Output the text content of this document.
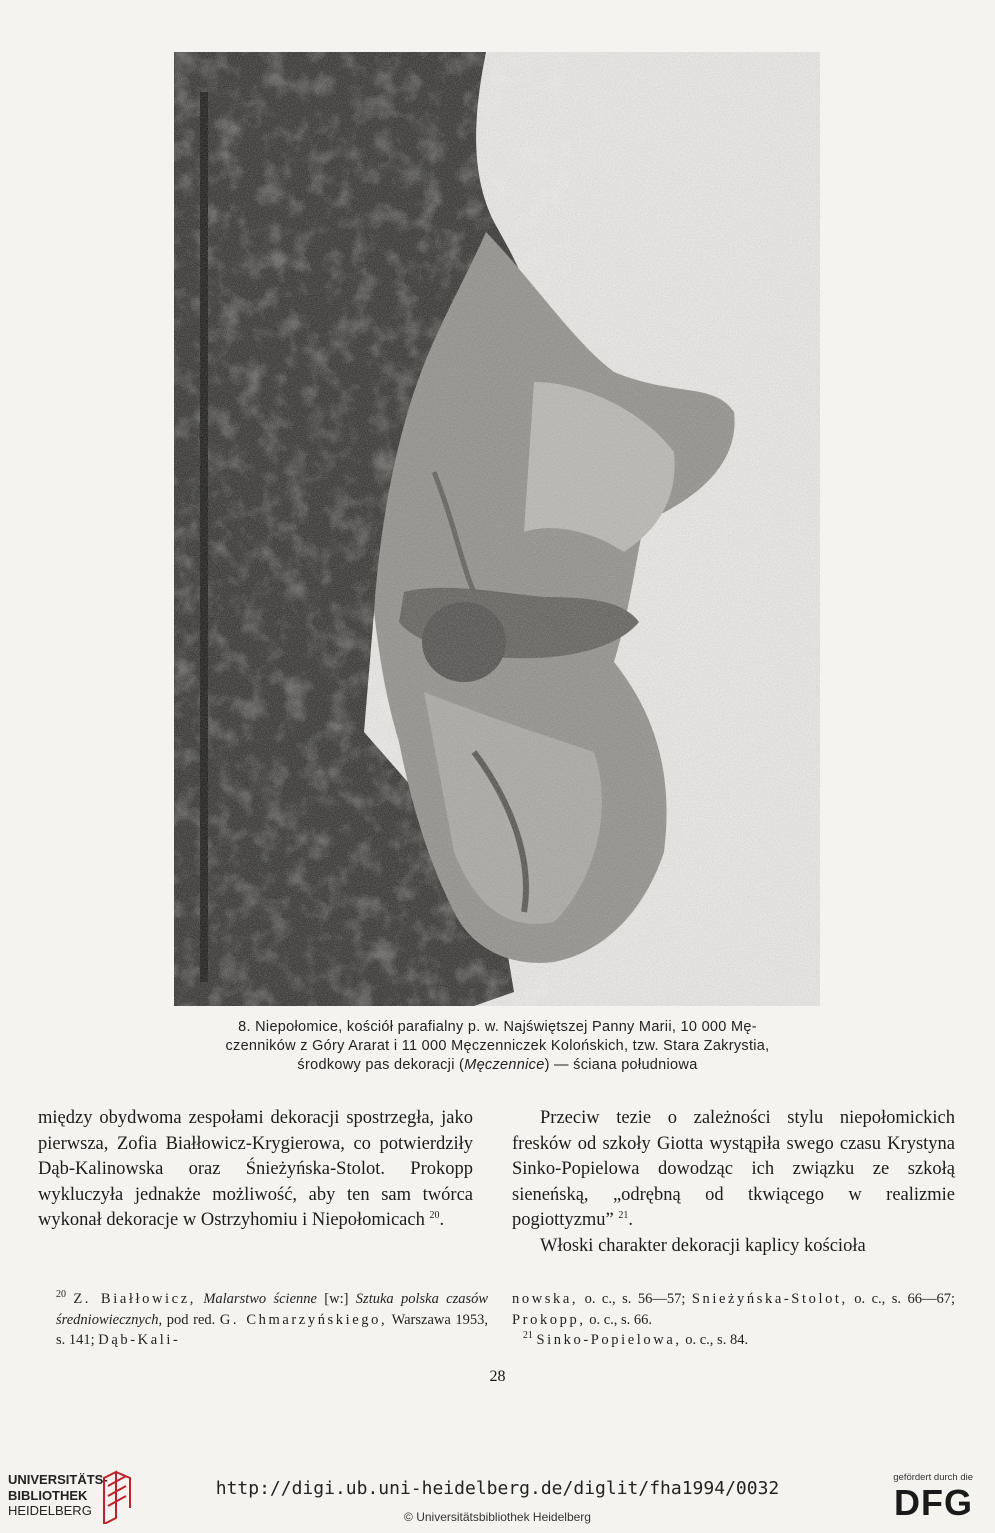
8. Niepołomice, kościół parafialny p. w. Najświętszej Panny Marii, 10 000 Mę-
czenników z Góry Ararat i 11 000 Męczenniczek Kolońskich, tzw. Stara Zakrystia,
środkowy pas dekoracji (Męczennice) — ściana południowa

między obydwoma zespołami dekoracji spostrzegła, jako pierwsza, Zofia Białłowicz-Krygierowa, co potwierdziły Dąb-Kalinowska oraz Śnieżyńska-Stolot. Prokopp wykluczyła jednakże możliwość, aby ten sam twórca wykonał dekoracje w Ostrzyhomiu i Niepołomicach $^{20}$.

Przeciw tezie o zależności stylu niepołomickich fresków od szkoły Giotta wystąpiła swego czasu Krystyna Sinko-Popielowa dowodząc ich związku ze szkołą sieneńską, „odrębną od tkwiącego w realizmie pogiottyzmu” $^{21}$.

Włoski charakter dekoracji kaplicy kościoła

$^{20}$ Z. Białłowicz, Malarstwo ścienne [w:] Sztuka polska czasów średniowiecznych, pod red. G. Chmarzyńskiego, Warszawa 1953, s. 141; Dąb-Kali-

nowska, o. c., s. 56—57; Snieżyńska-Stolot, o. c., s. 66—67; Prokopp, o. c., s. 66.

$^{21}$ Sinko-Popielowa, o. c., s. 84.

28
UNIVERSITÄTS-
BIBLIOTHEK
HEIDELBERG
http://digi.ub.uni-heidelberg.de/diglit/fha1994/0032
© Universitätsbibliothek Heidelberg
gefördert durch die
DFG
